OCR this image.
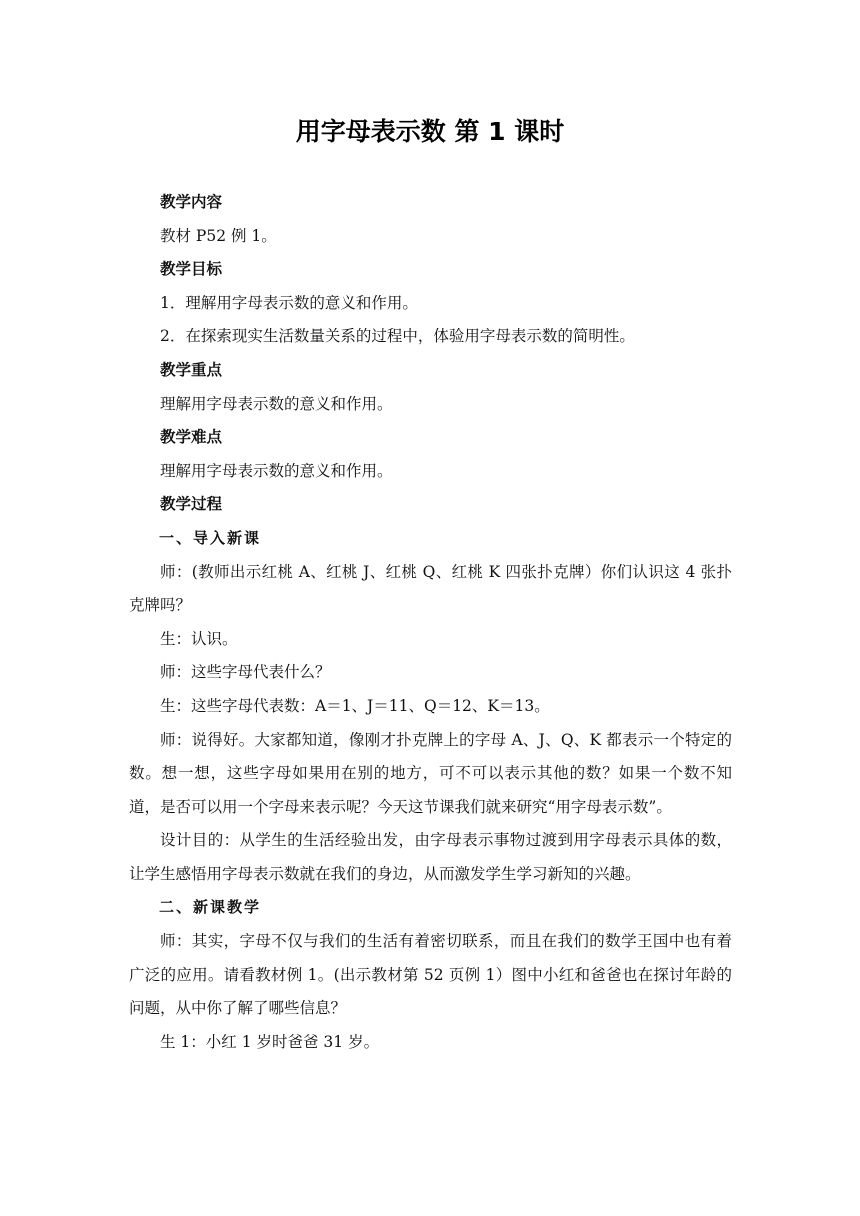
用字母表示数 第 1 课时

教学内容

教材 P52 例 1。

教学目标

1．理解用字母表示数的意义和作用。

2．在探索现实生活数量关系的过程中，体验用字母表示数的简明性。

教学重点

理解用字母表示数的意义和作用。

教学难点

理解用字母表示数的意义和作用。

教学过程

一、导入新课

师：(教师出示红桃 A、红桃 J、红桃 Q、红桃 K 四张扑克牌）你们认识这 4 张扑克牌吗？

生：认识。

师：这些字母代表什么？

生：这些字母代表数：A＝1、J＝11、Q＝12、K＝13。

师：说得好。大家都知道，像刚才扑克牌上的字母 A、J、Q、K 都表示一个特定的数。想一想，这些字母如果用在别的地方，可不可以表示其他的数？如果一个数不知道，是否可以用一个字母来表示呢？今天这节课我们就来研究“用字母表示数”。

设计目的：从学生的生活经验出发，由字母表示事物过渡到用字母表示具体的数，让学生感悟用字母表示数就在我们的身边，从而激发学生学习新知的兴趣。

二、新课教学

师：其实，字母不仅与我们的生活有着密切联系，而且在我们的数学王国中也有着广泛的应用。请看教材例 1。(出示教材第 52 页例 1）图中小红和爸爸也在探讨年龄的问题，从中你了解了哪些信息？

生 1：小红 1 岁时爸爸 31 岁。
